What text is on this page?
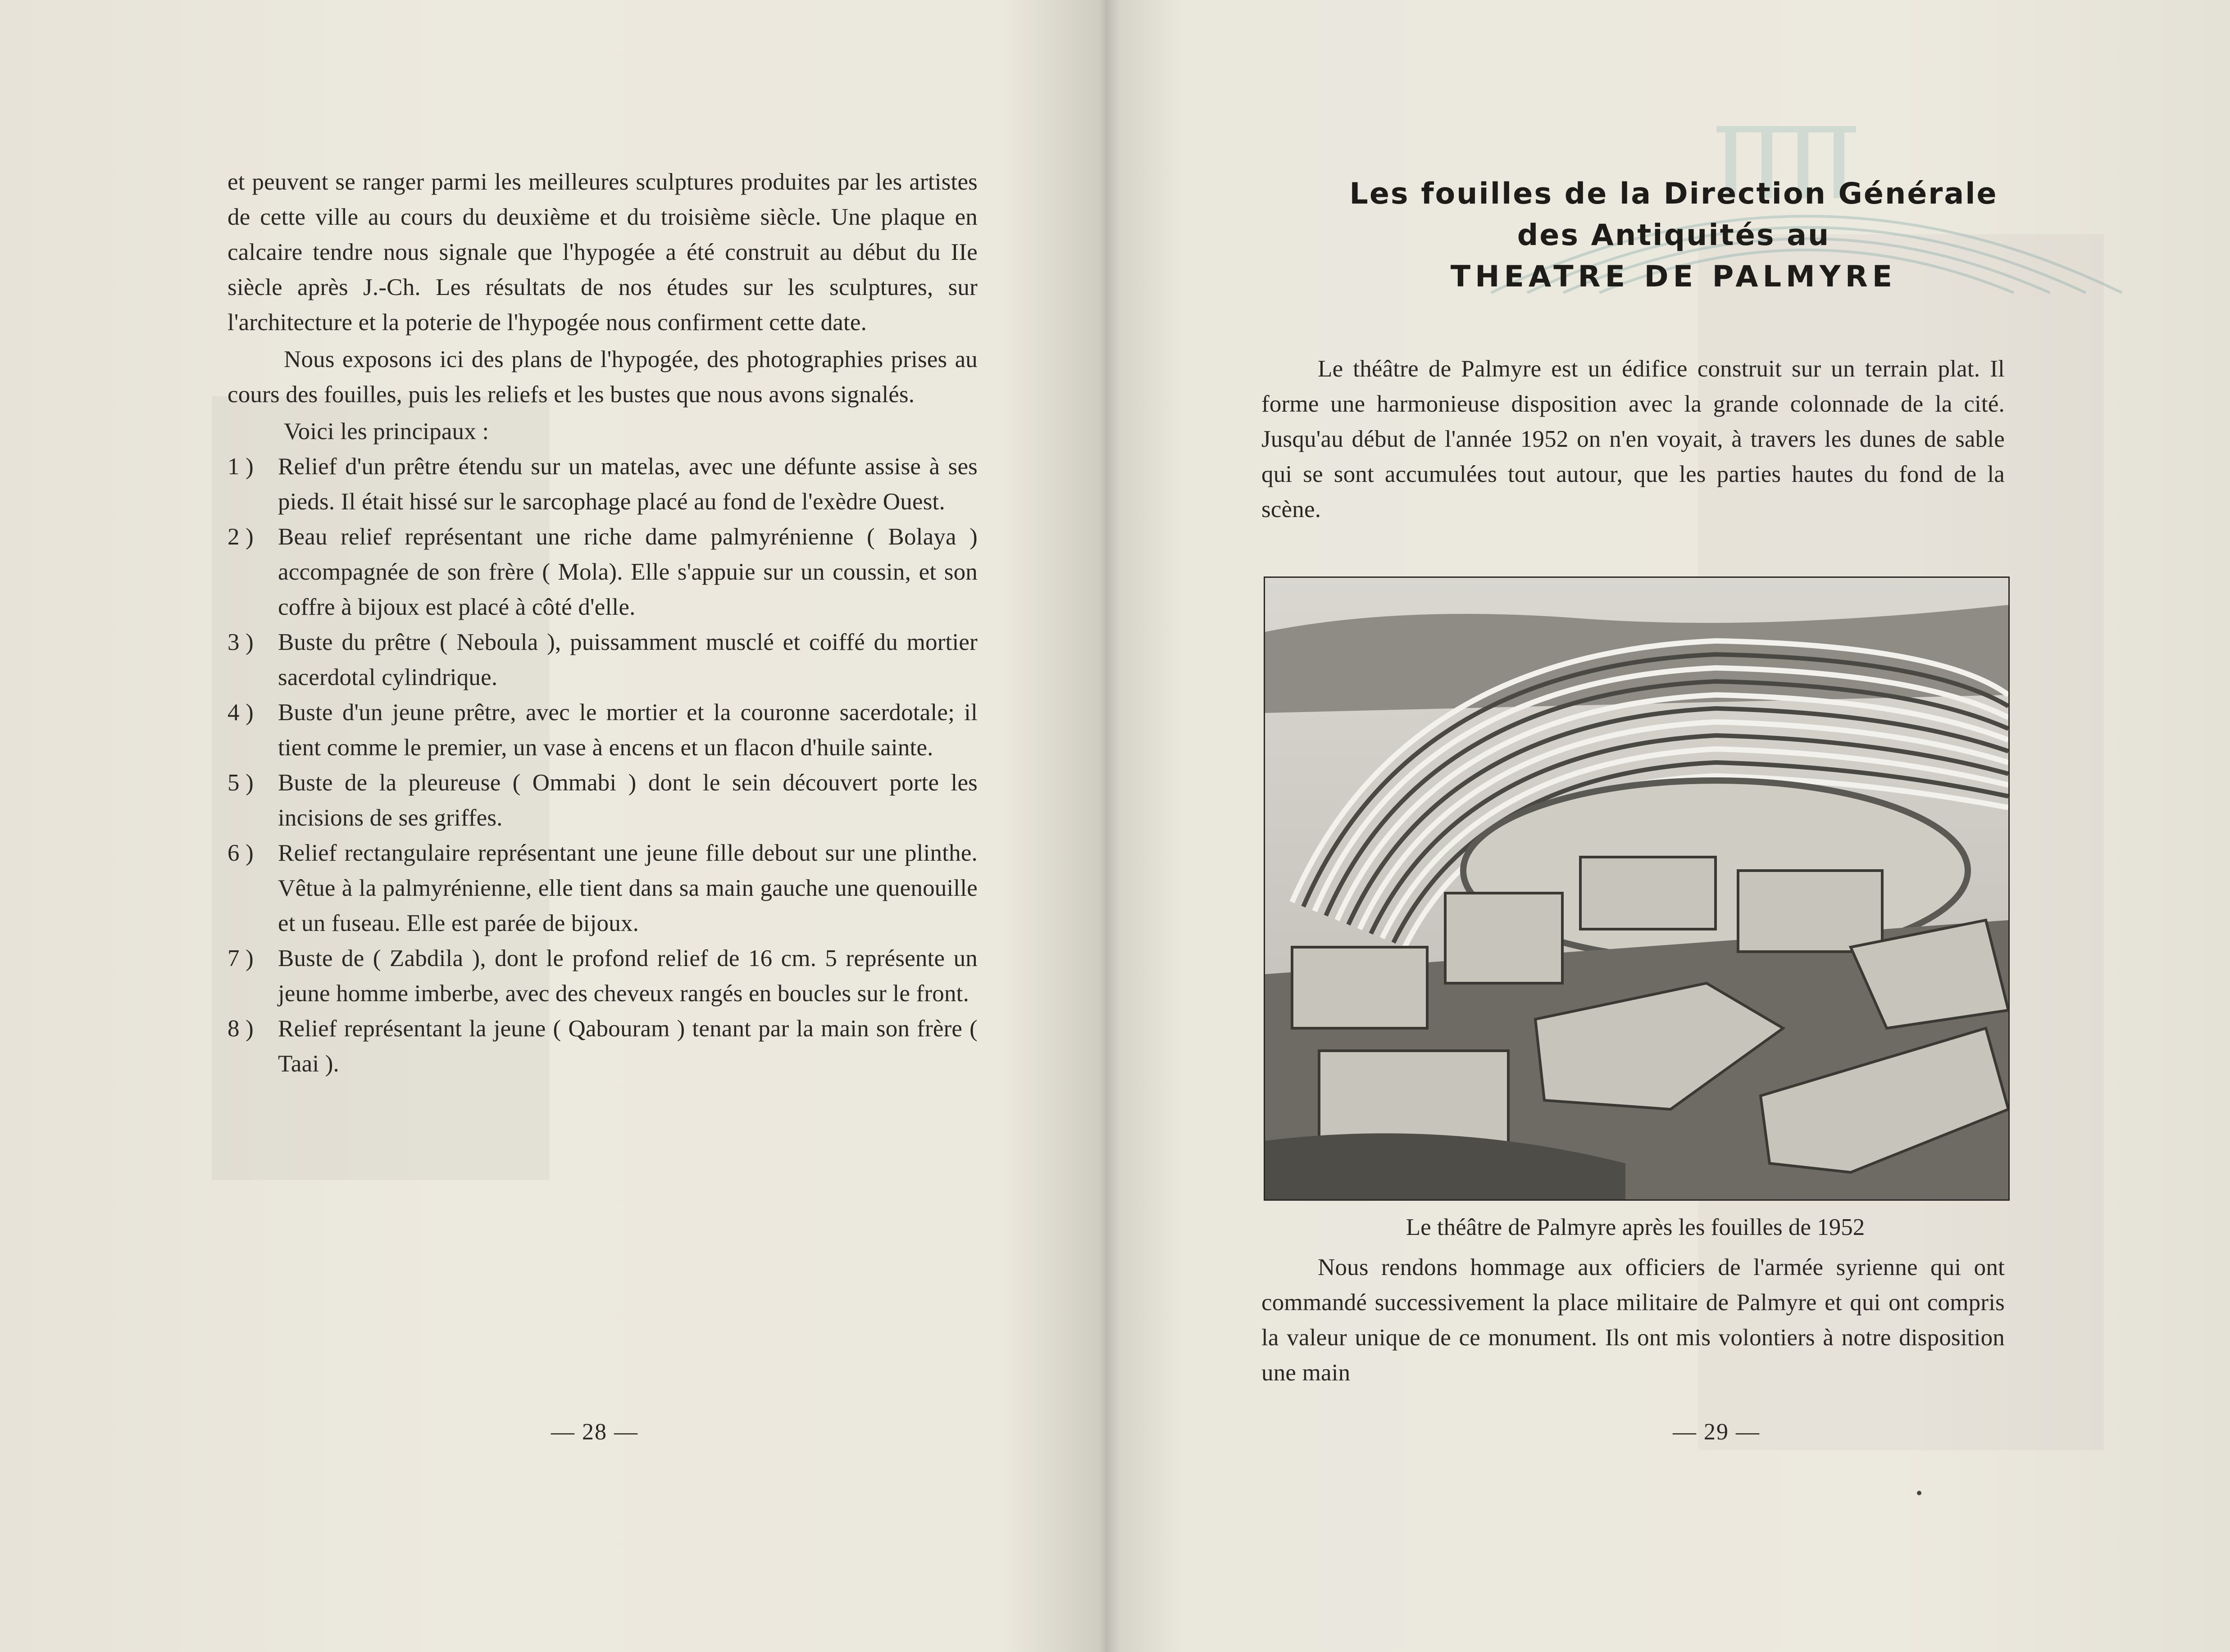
et peuvent se ranger parmi les meilleures sculptures produites par les artistes de cette ville au cours du deuxième et du troisième siècle. Une plaque en calcaire tendre nous signale que l'hypogée a été construit au début du IIe siècle après J.-Ch. Les résultats de nos études sur les sculptures, sur l'architecture et la poterie de l'hypogée nous confirment cette date.

Nous exposons ici des plans de l'hypogée, des photographies prises au cours des fouilles, puis les reliefs et les bustes que nous avons signalés.

Voici les principaux :

1 )	Relief d'un prêtre étendu sur un matelas, avec une défunte assise à ses pieds. Il était hissé sur le sarcophage placé au fond de l'exèdre Ouest.
2 )	Beau relief représentant une riche dame palmyrénienne ( Bolaya ) accompagnée de son frère ( Mola). Elle s'appuie sur un coussin, et son coffre à bijoux est placé à côté d'elle.
3 )	Buste du prêtre ( Neboula ), puissamment musclé et coiffé du mortier sacerdotal cylindrique.
4 )	Buste d'un jeune prêtre, avec le mortier et la couronne sacerdotale; il tient comme le premier, un vase à encens et un flacon d'huile sainte.
5 )	Buste de la pleureuse ( Ommabi ) dont le sein découvert porte les incisions de ses griffes.
6 )	Relief rectangulaire représentant une jeune fille debout sur une plinthe. Vêtue à la palmyrénienne, elle tient dans sa main gauche une quenouille et un fuseau. Elle est parée de bijoux.
7 )	Buste de ( Zabdila ), dont le profond relief de 16 cm. 5 représente un jeune homme imberbe, avec des cheveux rangés en boucles sur le front.
8 )	Relief représentant la jeune ( Qabouram ) tenant par la main son frère ( Taai ).
— 28 —
Les fouilles de la Direction Générale
des Antiquités au
THEATRE DE PALMYRE

Le théâtre de Palmyre est un édifice construit sur un terrain plat. Il forme une harmonieuse disposition avec la grande colonnade de la cité. Jusqu'au début de l'année 1952 on n'en voyait, à travers les dunes de sable qui se sont accumulées tout autour, que les parties hautes du fond de la scène.

Le théâtre de Palmyre après les fouilles de 1952

Nous rendons hommage aux officiers de l'armée syrienne qui ont commandé successivement la place militaire de Palmyre et qui ont compris la valeur unique de ce monument. Ils ont mis volontiers à notre disposition une main

— 29 —
